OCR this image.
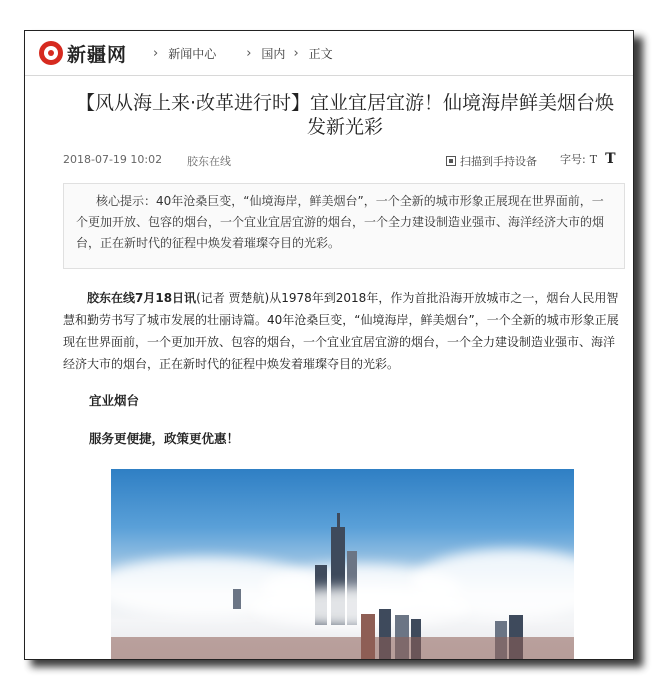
新疆网 › 新闻中心 › 国内 › 正文
【风从海上来·改革进行时】宜业宜居宜游！仙境海岸鲜美烟台焕发新光彩
2018-07-19 10:02 胶东在线	扫描到手持设备 字号: T T
核心提示：40年沧桑巨变，“仙境海岸，鲜美烟台”，一个全新的城市形象正展现在世界面前，一个更加开放、包容的烟台，一个宜业宜居宜游的烟台，一个全力建设制造业强市、海洋经济大市的烟台，正在新时代的征程中焕发着璀璨夺目的光彩。

胶东在线7月18日讯(记者 贾楚航)从1978年到2018年，作为首批沿海开放城市之一，烟台人民用智慧和勤劳书写了城市发展的壮丽诗篇。40年沧桑巨变，“仙境海岸，鲜美烟台”，一个全新的城市形象正展现在世界面前，一个更加开放、包容的烟台，一个宜业宜居宜游的烟台，一个全力建设制造业强市、海洋经济大市的烟台，正在新时代的征程中焕发着璀璨夺目的光彩。

宜业烟台
服务更便捷，政策更优惠！
